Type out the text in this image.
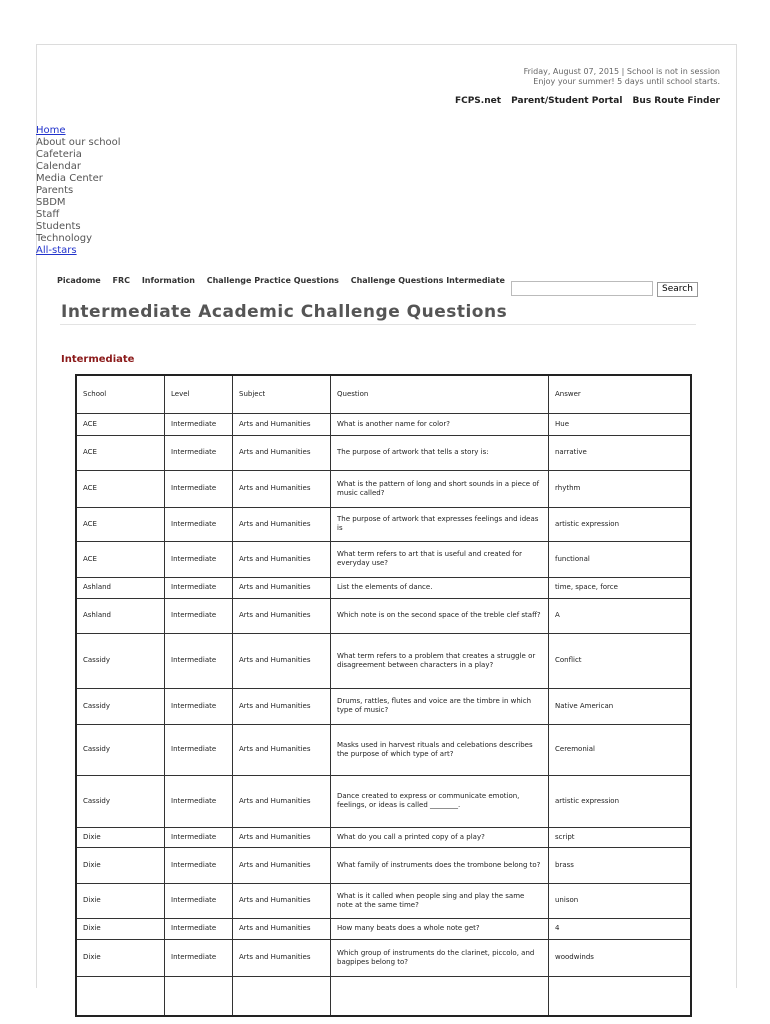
Friday, August 07, 2015 | School is not in session
Enjoy your summer! 5 days until school starts.
FCPS.net Parent/Student Portal Bus Route Finder
Home
About our school
Cafeteria
Calendar
Media Center
Parents
SBDM
Staff
Students
Technology
All-stars
Picadome FRC Information Challenge Practice Questions Challenge Questions Intermediate
Search
Intermediate Academic Challenge Questions
Intermediate
School	Level	Subject	Question	Answer
ACE	Intermediate	Arts and Humanities	What is another name for color?	Hue
ACE	Intermediate	Arts and Humanities	The purpose of artwork that tells a story is:	narrative
ACE	Intermediate	Arts and Humanities	What is the pattern of long and short sounds in a piece of music called?	rhythm
ACE	Intermediate	Arts and Humanities	The purpose of artwork that expresses feelings and ideas is	artistic expression
ACE	Intermediate	Arts and Humanities	What term refers to art that is useful and created for everyday use?	functional
Ashland	Intermediate	Arts and Humanities	List the elements of dance.	time, space, force
Ashland	Intermediate	Arts and Humanities	Which note is on the second space of the treble clef staff?	A
Cassidy	Intermediate	Arts and Humanities	What term refers to a problem that creates a struggle or disagreement between characters in a play?	Conflict
Cassidy	Intermediate	Arts and Humanities	Drums, rattles, flutes and voice are the timbre in which type of music?	Native American
Cassidy	Intermediate	Arts and Humanities	Masks used in harvest rituals and celebations describes the purpose of which type of art?	Ceremonial
Cassidy	Intermediate	Arts and Humanities	Dance created to express or communicate emotion, feelings, or ideas is called ________.	artistic expression
Dixie	Intermediate	Arts and Humanities	What do you call a printed copy of a play?	script
Dixie	Intermediate	Arts and Humanities	What family of instruments does the trombone belong to?	brass
Dixie	Intermediate	Arts and Humanities	What is it called when people sing and play the same note at the same time?	unison
Dixie	Intermediate	Arts and Humanities	How many beats does a whole note get?	4
Dixie	Intermediate	Arts and Humanities	Which group of instruments do the clarinet, piccolo, and bagpipes belong to?	woodwinds
